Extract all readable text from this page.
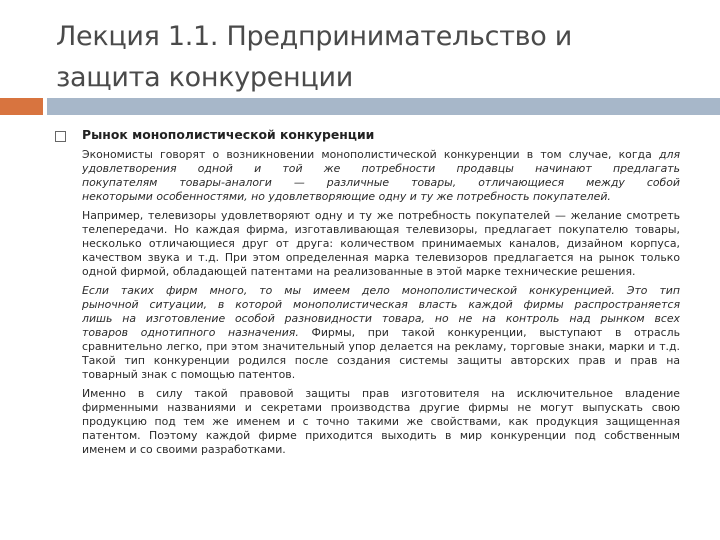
Лекция 1.1. Предпринимательство и
защита конкуренции
Рынок монополистической конкуренции

Экономисты говорят о возникновении монополистической конкуренции в том случае, когда для
удовлетворения одной и той же потребности продавцы начинают предлагать
покупателям товары-аналоги — различные товары, отличающиеся между собой
некоторыми особенностями, но удовлетворяющие одну и ту же потребность покупателей.

Например, телевизоры удовлетворяют одну и ту же потребность покупателей — желание смотреть
телепередачи. Но каждая фирма, изготавливающая телевизоры, предлагает покупателю товары,
несколько отличающиеся друг от друга: количеством принимаемых каналов, дизайном корпуса,
качеством звука и т.д. При этом определенная марка телевизоров предлагается на рынок только
одной фирмой, обладающей патентами на реализованные в этой марке технические решения.

Если таких фирм много, то мы имеем дело монополистической конкуренцией. Это тип
рыночной ситуации, в которой монополистическая власть каждой фирмы распространяется
лишь на изготовление особой разновидности товара, но не на контроль над рынком всех
товаров однотипного назначения. Фирмы, при такой конкуренции, выступают в отрасль
сравнительно легко, при этом значительный упор делается на рекламу, торговые знаки, марки и т.д.
Такой тип конкуренции родился после создания системы защиты авторских прав и прав на
товарный знак с помощью патентов.

Именно в силу такой правовой защиты прав изготовителя на исключительное владение
фирменными названиями и секретами производства другие фирмы не могут выпускать свою
продукцию под тем же именем и с точно такими же свойствами, как продукция защищенная
патентом. Поэтому каждой фирме приходится выходить в мир конкуренции под собственным
именем и со своими разработками.
